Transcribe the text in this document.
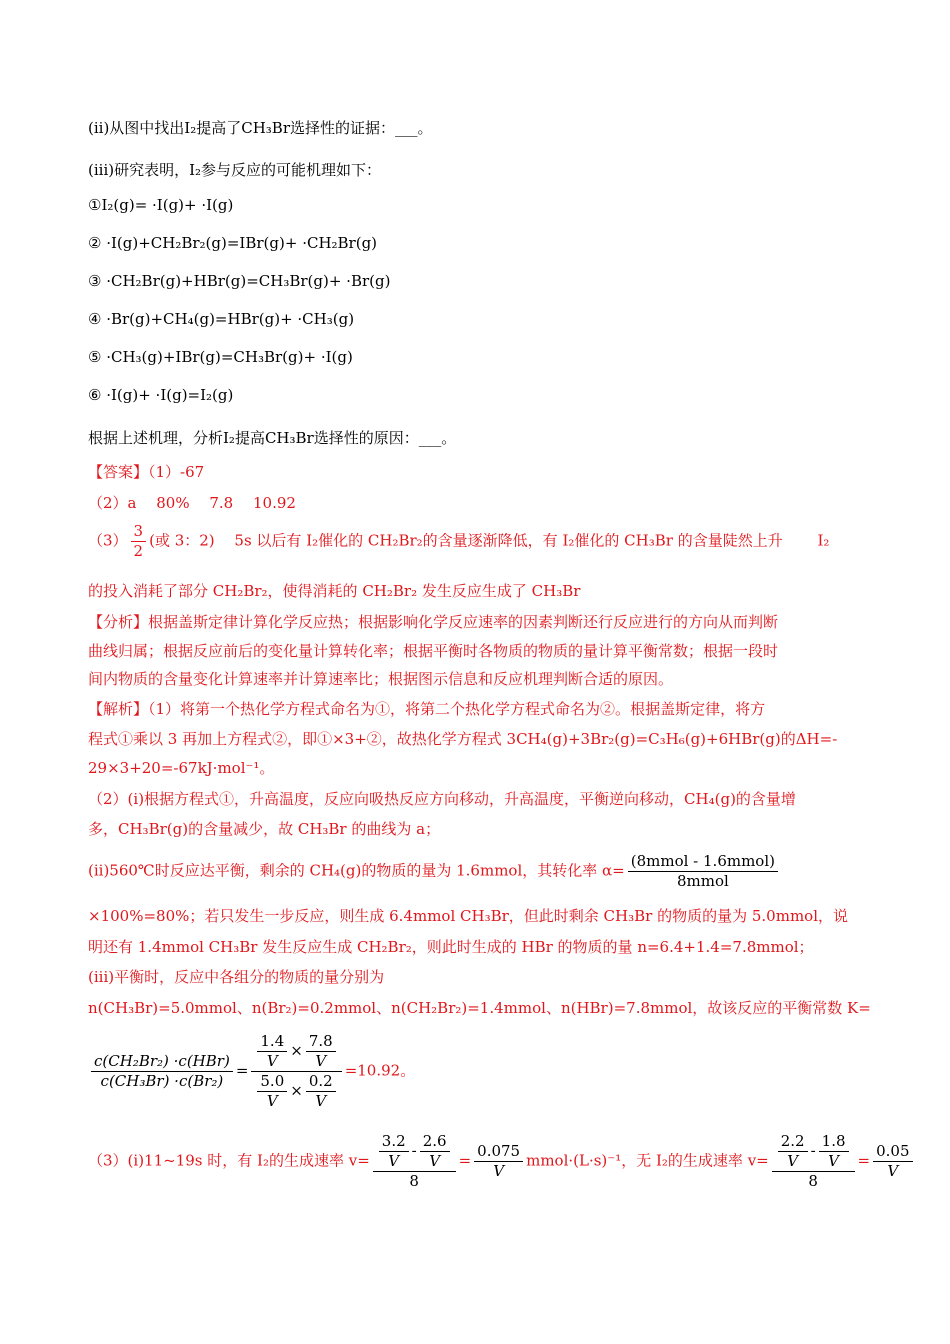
(ii)从图中找出I₂提高了CH₃Br选择性的证据：___。
(iii)研究表明，I₂参与反应的可能机理如下：
①I₂(g)= ·I(g)+ ·I(g)
② ·I(g)+CH₂Br₂(g)=IBr(g)+ ·CH₂Br(g)
③ ·CH₂Br(g)+HBr(g)=CH₃Br(g)+ ·Br(g)
④ ·Br(g)+CH₄(g)=HBr(g)+ ·CH₃(g)
⑤ ·CH₃(g)+IBr(g)=CH₃Br(g)+ ·I(g)
⑥ ·I(g)+ ·I(g)=I₂(g)
根据上述机理，分析I₂提高CH₃Br选择性的原因：___。
【答案】（1）-67
（2）a　 80%　 7.8　 10.92
$(3) \frac{3}{2}$ (或 3：2)　 5s 以后有 I₂催化的 CH₂Br₂的含量逐渐降低，有 I₂催化的 CH₃Br 的含量陡然上升　　 I₂
的投入消耗了部分 CH₂Br₂，使得消耗的 CH₂Br₂ 发生反应生成了 CH₃Br
【分析】根据盖斯定律计算化学反应热；根据影响化学反应速率的因素判断还行反应进行的方向从而判断
曲线归属；根据反应前后的变化量计算转化率；根据平衡时各物质的物质的量计算平衡常数；根据一段时
间内物质的含量变化计算速率并计算速率比；根据图示信息和反应机理判断合适的原因。
【解析】（1）将第一个热化学方程式命名为①，将第二个热化学方程式命名为②。根据盖斯定律，将方
程式①乘以 3 再加上方程式②，即①×3+②，故热化学方程式 3CH₄(g)+3Br₂(g)=C₃H₆(g)+6HBr(g)的ΔH=-
29×3+20=-67kJ·mol⁻¹。
（2）(i)根据方程式①，升高温度，反应向吸热反应方向移动，升高温度，平衡逆向移动，CH₄(g)的含量增
多，CH₃Br(g)的含量减少，故 CH₃Br 的曲线为 a；
(ii)560℃时反应达平衡，剩余的 CH₄(g)的物质的量为 1.6mmol，其转化率 α=
(8mmol - 1.6mmol)
8mmol
×100%=80%；若只发生一步反应，则生成 6.4mmol CH₃Br，但此时剩余 CH₃Br 的物质的量为 5.0mmol，说
明还有 1.4mmol CH₃Br 发生反应生成 CH₂Br₂，则此时生成的 HBr 的物质的量 n=6.4+1.4=7.8mmol；
(iii)平衡时，反应中各组分的物质的量分别为
n(CH₃Br)=5.0mmol、n(Br₂)=0.2mmol、n(CH₂Br₂)=1.4mmol、n(HBr)=7.8mmol，故该反应的平衡常数 K=
c(CH₂Br₂) ·c(HBr)
c(CH₃Br) ·c(Br₂)
= $\frac{\frac{1.4}{V} \times \frac{7.8}{V}}{\frac{5.0}{V} \times \frac{0.2}{V}} =10.92$。
（3）(i)11~19s 时，有 I₂的生成速率 $v= \frac{\frac{3.2}{V} - \frac{2.6}{V}}{8} = \frac{0.075}{V}$ mmol·(L·s)⁻¹，无 I₂的生成速率 $v= \frac{\frac{2.2}{V} - \frac{1.8}{V}}{8} = \frac{0.05}{V}$
